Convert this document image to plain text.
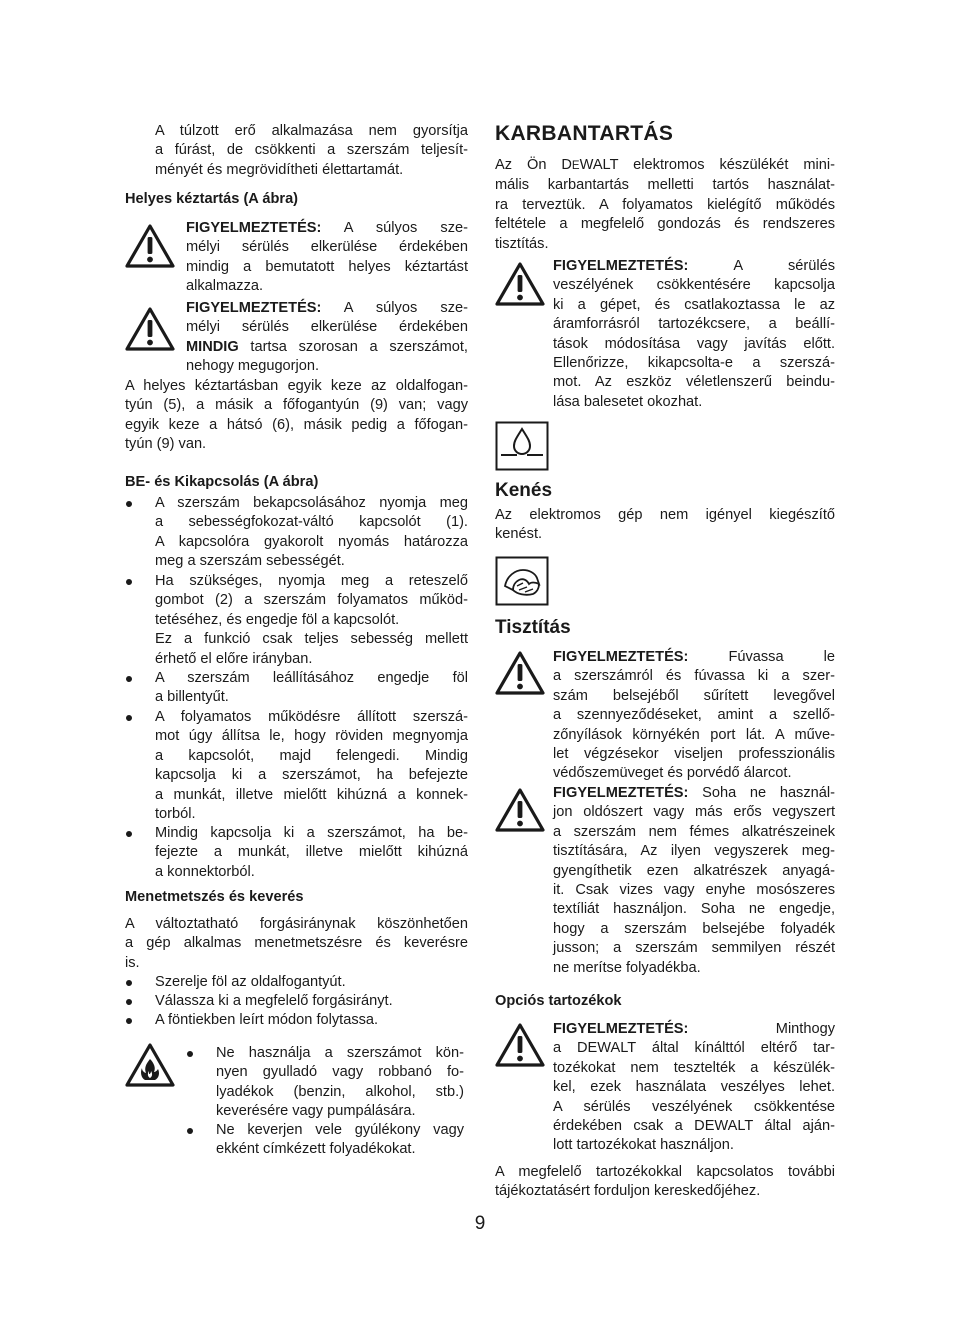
A túlzott erő alkalmazása nem gyorsítja
a fúrást, de csökkenti a szerszám teljesít-
ményét és megrövidítheti élettartamát.
Helyes kéztartás (A ábra)
FIGYELMEZTETÉS: A súlyos sze-
mélyi sérülés elkerülése érdekében
mindig a bemutatott helyes kéztartást
alkalmazza.
FIGYELMEZTETÉS: A súlyos sze-
mélyi sérülés elkerülése érdekében
MINDIG tartsa szorosan a szerszámot,
nehogy megugorjon.
A helyes kéztartásban egyik keze az oldalfogan-
tyún (5), a másik a főfogantyún (9) van; vagy
egyik keze a hátsó (6), másik pedig a főfogan-
tyún (9) van.
BE- és Kikapcsolás (A ábra)
A szerszám bekapcsolásához nyomja meg
a sebességfokozat-váltó kapcsolót (1).
A kapcsolóra gyakorolt nyomás határozza
meg a szerszám sebességét.
Ha szükséges, nyomja meg a reteszelő
gombot (2) a szerszám folyamatos működ-
tetéséhez, és engedje föl a kapcsolót.
Ez a funkció csak teljes sebesség mellett
érhető el előre irányban.
A szerszám leállításához engedje föl
a billentyűt.
A folyamatos működésre állított szerszá-
mot úgy állítsa le, hogy röviden megnyomja
a kapcsolót, majd felengedi. Mindig
kapcsolja ki a szerszámot, ha befejezte
a munkát, illetve mielőtt kihúzná a konnek-
torból.
Mindig kapcsolja ki a szerszámot, ha be-
fejezte a munkát, illetve mielőtt kihúzná
a konnektorból.
Menetmetszés és keverés
A változtatható forgásiránynak köszönhetően
a gép alkalmas menetmetszésre és keverésre
is.
Szerelje föl az oldalfogantyút.
Válassza ki a megfelelő forgásirányt.
A föntiekben leírt módon folytassa.
Ne használja a szerszámot kön-
nyen gyulladó vagy robbanó fo-
lyadékok (benzin, alkohol, stb.)
keverésére vagy pumpálására.
Ne keverjen vele gyúlékony vagy
ekként címkézett folyadékokat.
KARBANTARTÁS
Az Ön DEWALT elektromos készülékét mini-
mális karbantartás melletti tartós használat-
ra terveztük. A folyamatos kielégítő működés
feltétele a megfelelő gondozás és rendszeres
tisztítás.
FIGYELMEZTETÉS:	A sérülés
veszélyének csökkentésére kapcsolja
ki a gépet, és csatlakoztassa le az
áramforrásról tartozékcsere, a beállí-
tások módosítása vagy javítás előtt.
Ellenőrizze, kikapcsolta-e a szerszá-
mot. Az eszköz véletlenszerű beindu-
lása balesetet okozhat.
Kenés
Az elektromos gép nem igényel kiegészítő
kenést.
Tisztítás
FIGYELMEZTETÉS:	Fúvassa le
a szerszámról és fúvassa ki a szer-
szám belsejéből sűrített levegővel
a szennyeződéseket, amint a szellő-
zőnyílások környékén port lát. A műve-
let végzésekor viseljen professzionális
védőszemüveget és porvédő álarcot.
FIGYELMEZTETÉS: Soha ne használ-
jon oldószert vagy más erős vegyszert
a szerszám nem fémes alkatrészeinek
tisztítására, Az ilyen vegyszerek meg-
gyengíthetik ezen alkatrészek anyagá-
it. Csak vizes vagy enyhe mosószeres
textíliát használjon. Soha ne engedje,
hogy a szerszám belsejébe folyadék
jusson; a szerszám semmilyen részét
ne merítse folyadékba.
Opciós tartozékok
FIGYELMEZTETÉS:	Minthogy
a DEWALT által kínálttól eltérő tar-
tozékokat nem tesztelték a készülék-
kel, ezek használata veszélyes lehet.
A sérülés veszélyének csökkentése
érdekében csak a DEWALT által aján-
lott tartozékokat használjon.
A megfelelő tartozékokkal kapcsolatos további
tájékoztatásért forduljon kereskedőjéhez.
9
